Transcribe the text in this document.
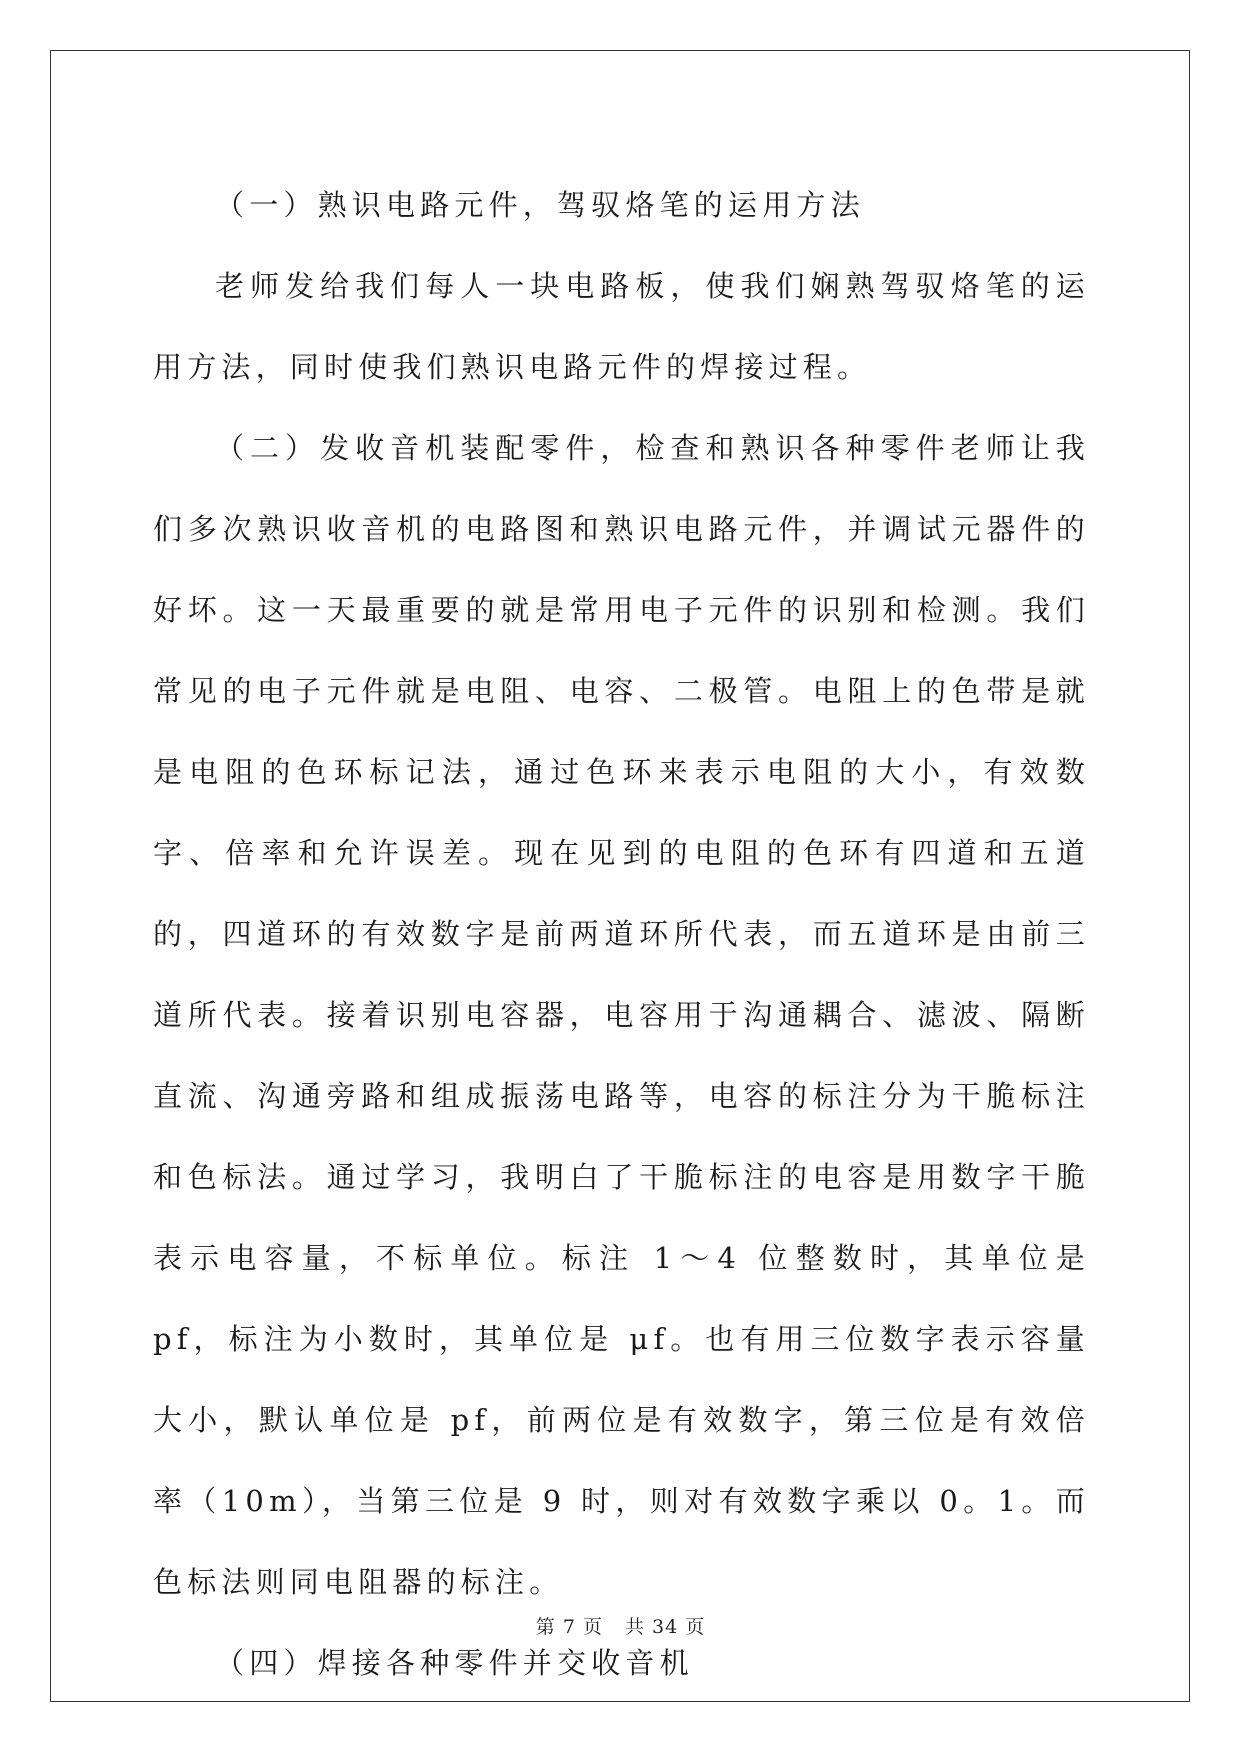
（一）熟识电路元件，驾驭烙笔的运用方法

老师发给我们每人一块电路板，使我们娴熟驾驭烙笔的运用方法，同时使我们熟识电路元件的焊接过程。

（二）发收音机装配零件，检查和熟识各种零件老师让我们多次熟识收音机的电路图和熟识电路元件，并调试元器件的好坏。这一天最重要的就是常用电子元件的识别和检测。我们常见的电子元件就是电阻、电容、二极管。电阻上的色带是就是电阻的色环标记法，通过色环来表示电阻的大小，有效数字、倍率和允许误差。现在见到的电阻的色环有四道和五道的，四道环的有效数字是前两道环所代表，而五道环是由前三道所代表。接着识别电容器，电容用于沟通耦合、滤波、隔断直流、沟通旁路和组成振荡电路等，电容的标注分为干脆标注和色标法。通过学习，我明白了干脆标注的电容是用数字干脆表示电容量，不标单位。标注 1～4 位整数时，其单位是 pf，标注为小数时，其单位是 μf。也有用三位数字表示容量大小，默认单位是 pf，前两位是有效数字，第三位是有效倍率（10m），当第三位是 9 时，则对有效数字乘以 0。1。而色标法则同电阻器的标注。

（四）焊接各种零件并交收音机

第 7 页 共 34 页
